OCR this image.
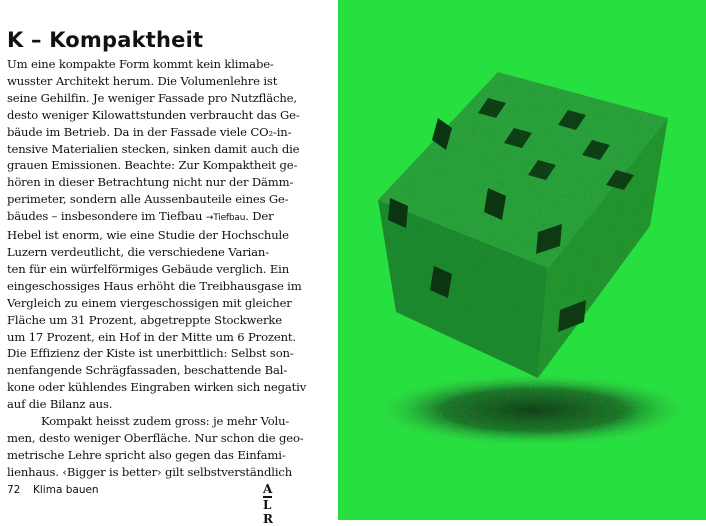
K – Kompaktheit
Um eine kompakte Form kommt kein klimabe-
wusster Architekt herum. Die Volumenlehre ist
seine Gehilfin. Je weniger Fassade pro Nutzfläche,
desto weniger Kilowattstunden verbraucht das Ge-
bäude im Betrieb. Da in der Fassade viele CO₂-in-
tensive Materialien stecken, sinken damit auch die
grauen Emissionen. Beachte: Zur Kompaktheit ge-
hören in dieser Betrachtung nicht nur der Dämm-
perimeter, sondern alle Aussenbauteile eines Ge-
bäudes – insbesondere im Tiefbau →Tiefbau. Der
Hebel ist enorm, wie eine Studie der Hochschule
Luzern verdeutlicht, die verschiedene Varian-
ten für ein würfelförmiges Gebäude verglich. Ein
eingeschossiges Haus erhöht die Treibhausgase im
Vergleich zu einem viergeschossigen mit gleicher
Fläche um 31 Prozent, abgetreppte Stockwerke
um 17 Prozent, ein Hof in der Mitte um 6 Prozent.
Die Effizienz der Kiste ist unerbittlich: Selbst son-
nenfangende Schrägfassaden, beschattende Bal-
kone oder kühlendes Eingraben wirken sich negativ
auf die Bilanz aus.
Kompakt heisst zudem gross: je mehr Volu-
men, desto weniger Oberfläche. Nur schon die geo-
metrische Lehre spricht also gegen das Einfami-
lienhaus. ‹Bigger is better› gilt selbstverständlich
72 Klima bauen	ALR
